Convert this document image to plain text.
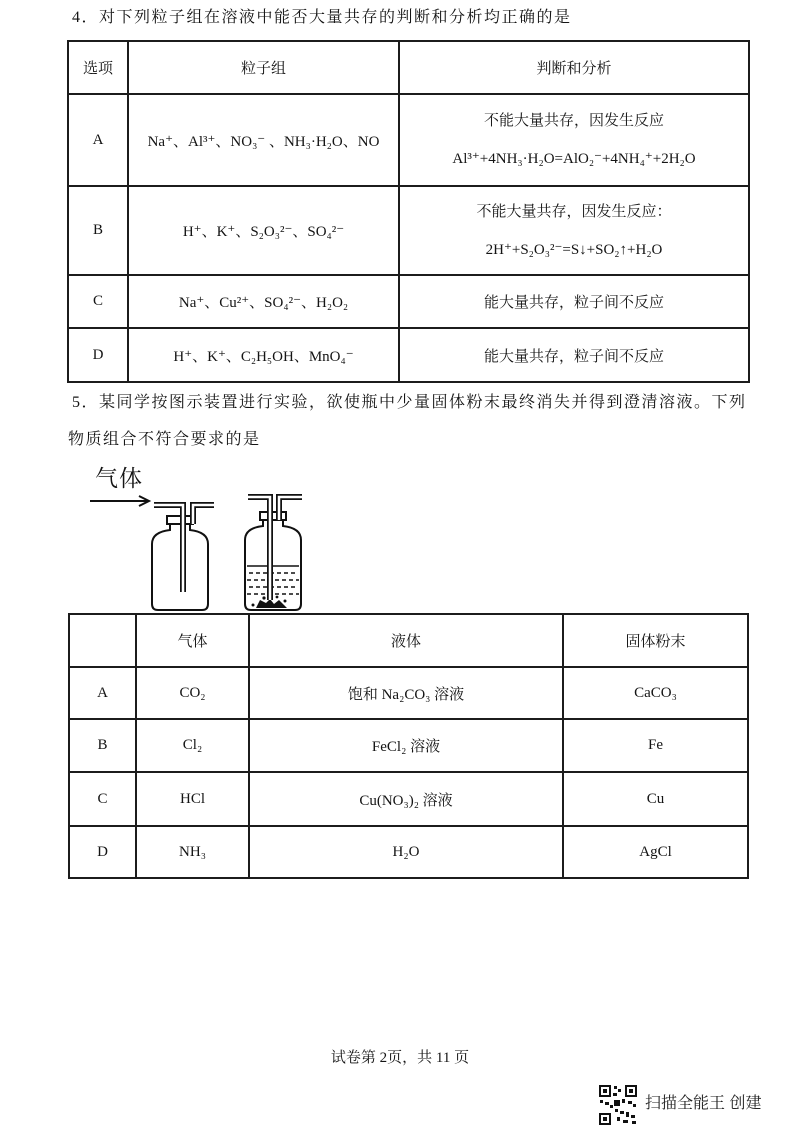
4．对下列粒子组在溶液中能否大量共存的判断和分析均正确的是
选项	粒子组	判断和分析
A	Na⁺、Al³⁺、NO₃⁻ 、NH₃·H₂O、NO	不能大量共存，因发生反应
Al³⁺+4NH₃·H₂O=AlO₂⁻+4NH₄⁺+2H₂O

B	H⁺、K⁺、S₂O₃²⁻、SO₄²⁻	不能大量共存，因发生反应：
2H⁺+S₂O₃²⁻=S↓+SO₂↑+H₂O

C	Na⁺、Cu²⁺、SO₄²⁻、H₂O₂	能大量共存，粒子间不反应
D	H⁺、K⁺、C₂H₅OH、MnO₄⁻	能大量共存，粒子间不反应
5．某同学按图示装置进行实验，欲使瓶中少量固体粉末最终消失并得到澄清溶液。下列
物质组合不符合要求的是
气体
	气体	液体	固体粉末
A	CO₂	饱和 Na₂CO₃ 溶液	CaCO₃
B	Cl₂	FeCl₂ 溶液	Fe
C	HCl	Cu(NO₃)₂ 溶液	Cu
D	NH₃	H₂O	AgCl
试卷第 2页，共 11 页
扫描全能王 创建
